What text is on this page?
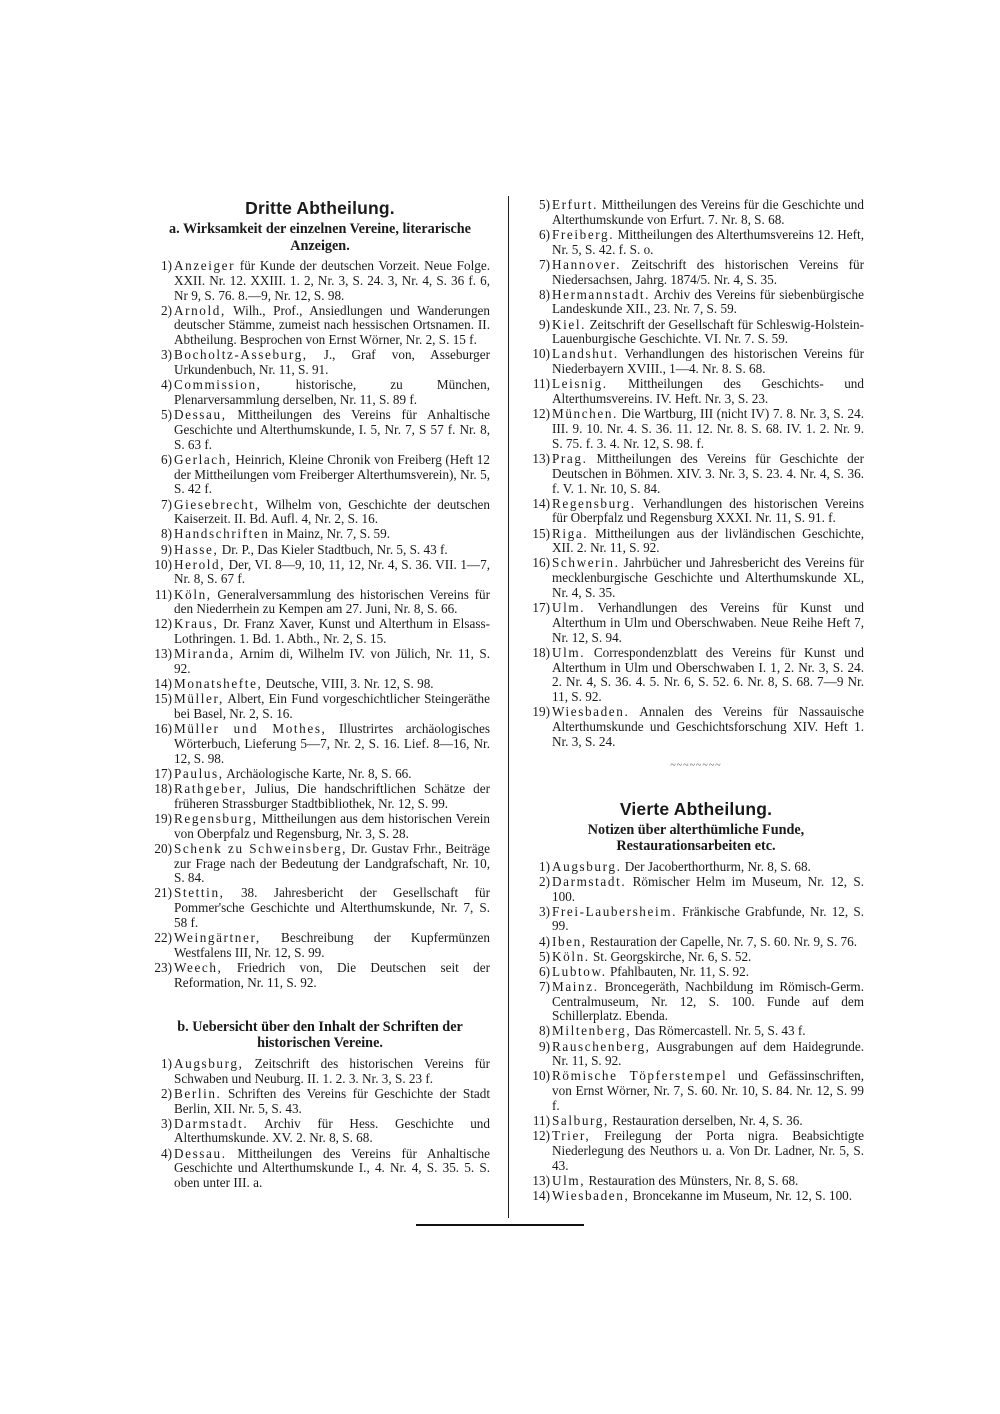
Dritte Abtheilung.
a. Wirksamkeit der einzelnen Vereine, literarische Anzeigen.
1) Anzeiger für Kunde der deutschen Vorzeit. Neue Folge. XXII. Nr. 12. XXIII. 1. 2, Nr. 3, S. 24. 3, Nr. 4, S. 36 f. 6, Nr 9, S. 76. 8.—9, Nr. 12, S. 98.
2) Arnold, Wilh., Prof., Ansiedlungen und Wanderungen deutscher Stämme, zumeist nach hessischen Ortsnamen. II. Abtheilung. Besprochen von Ernst Wörner, Nr. 2, S. 15 f.
3) Bocholtz-Asseburg, J., Graf von, Asseburger Urkundenbuch, Nr. 11, S. 91.
4) Commission, historische, zu München, Plenarversammlung derselben, Nr. 11, S. 89 f.
5) Dessau, Mittheilungen des Vereins für Anhaltische Geschichte und Alterthumskunde, I. 5, Nr. 7, S 57 f. Nr. 8, S. 63 f.
6) Gerlach, Heinrich, Kleine Chronik von Freiberg (Heft 12 der Mittheilungen vom Freiberger Alterthumsverein), Nr. 5, S. 42 f.
7) Giesebrecht, Wilhelm von, Geschichte der deutschen Kaiserzeit. II. Bd. Aufl. 4, Nr. 2, S. 16.
8) Handschriften in Mainz, Nr. 7, S. 59.
9) Hasse, Dr. P., Das Kieler Stadtbuch, Nr. 5, S. 43 f.
10) Herold, Der, VI. 8—9, 10, 11, 12, Nr. 4, S. 36. VII. 1—7, Nr. 8, S. 67 f.
11) Köln, Generalversammlung des historischen Vereins für den Niederrhein zu Kempen am 27. Juni, Nr. 8, S. 66.
12) Kraus, Dr. Franz Xaver, Kunst und Alterthum in Elsass-Lothringen. 1. Bd. 1. Abth., Nr. 2, S. 15.
13) Miranda, Arnim di, Wilhelm IV. von Jülich, Nr. 11, S. 92.
14) Monatshefte, Deutsche, VIII, 3. Nr. 12, S. 98.
15) Müller, Albert, Ein Fund vorgeschichtlicher Steingeräthe bei Basel, Nr. 2, S. 16.
16) Müller und Mothes, Illustrirtes archäologisches Wörterbuch, Lieferung 5—7, Nr. 2, S. 16. Lief. 8—16, Nr. 12, S. 98.
17) Paulus, Archäologische Karte, Nr. 8, S. 66.
18) Rathgeber, Julius, Die handschriftlichen Schätze der früheren Strassburger Stadtbibliothek, Nr. 12, S. 99.
19) Regensburg, Mittheilungen aus dem historischen Verein von Oberpfalz und Regensburg, Nr. 3, S. 28.
20) Schenk zu Schweinsberg, Dr. Gustav Frhr., Beiträge zur Frage nach der Bedeutung der Landgrafschaft, Nr. 10, S. 84.
21) Stettin, 38. Jahresbericht der Gesellschaft für Pommer'sche Geschichte und Alterthumskunde, Nr. 7, S. 58 f.
22) Weingärtner, Beschreibung der Kupfermünzen Westfalens III, Nr. 12, S. 99.
23) Weech, Friedrich von, Die Deutschen seit der Reformation, Nr. 11, S. 92.
b. Uebersicht über den Inhalt der Schriften der historischen Vereine.
1) Augsburg, Zeitschrift des historischen Vereins für Schwaben und Neuburg. II. 1. 2. 3. Nr. 3, S. 23 f.
2) Berlin. Schriften des Vereins für Geschichte der Stadt Berlin, XII. Nr. 5, S. 43.
3) Darmstadt. Archiv für Hess. Geschichte und Alterthumskunde. XV. 2. Nr. 8, S. 68.
4) Dessau. Mittheilungen des Vereins für Anhaltische Geschichte und Alterthumskunde I., 4. Nr. 4, S. 35. 5. S. oben unter III. a.
5) Erfurt. Mittheilungen des Vereins für die Geschichte und Alterthumskunde von Erfurt. 7. Nr. 8, S. 68.
6) Freiberg. Mittheilungen des Alterthumsvereins 12. Heft, Nr. 5, S. 42. f. S. o.
7) Hannover. Zeitschrift des historischen Vereins für Niedersachsen, Jahrg. 1874/5. Nr. 4, S. 35.
8) Hermannstadt. Archiv des Vereins für siebenbürgische Landeskunde XII., 23. Nr. 7, S. 59.
9) Kiel. Zeitschrift der Gesellschaft für Schleswig-Holstein-Lauenburgische Geschichte. VI. Nr. 7. S. 59.
10) Landshut. Verhandlungen des historischen Vereins für Niederbayern XVIII., 1—4. Nr. 8. S. 68.
11) Leisnig. Mittheilungen des Geschichts- und Alterthumsvereins. IV. Heft. Nr. 3, S. 23.
12) München. Die Wartburg, III (nicht IV) 7. 8. Nr. 3, S. 24. III. 9. 10. Nr. 4. S. 36. 11. 12. Nr. 8. S. 68. IV. 1. 2. Nr. 9. S. 75. f. 3. 4. Nr. 12, S. 98. f.
13) Prag. Mittheilungen des Vereins für Geschichte der Deutschen in Böhmen. XIV. 3. Nr. 3, S. 23. 4. Nr. 4, S. 36. f. V. 1. Nr. 10, S. 84.
14) Regensburg. Verhandlungen des historischen Vereins für Oberpfalz und Regensburg XXXI. Nr. 11, S. 91. f.
15) Riga. Mittheilungen aus der livländischen Geschichte, XII. 2. Nr. 11, S. 92.
16) Schwerin. Jahrbücher und Jahresbericht des Vereins für mecklenburgische Geschichte und Alterthumskunde XL, Nr. 4, S. 35.
17) Ulm. Verhandlungen des Vereins für Kunst und Alterthum in Ulm und Oberschwaben. Neue Reihe Heft 7, Nr. 12, S. 94.
18) Ulm. Correspondenzblatt des Vereins für Kunst und Alterthum in Ulm und Oberschwaben I. 1, 2. Nr. 3, S. 24. 2. Nr. 4, S. 36. 4. 5. Nr. 6, S. 52. 6. Nr. 8, S. 68. 7—9 Nr. 11, S. 92.
19) Wiesbaden. Annalen des Vereins für Nassauische Alterthumskunde und Geschichtsforschung XIV. Heft 1. Nr. 3, S. 24.
~~~~~~~~
Vierte Abtheilung.
Notizen über alterthümliche Funde, Restaurationsarbeiten etc.
1) Augsburg. Der Jacoberthorthurm, Nr. 8, S. 68.
2) Darmstadt. Römischer Helm im Museum, Nr. 12, S. 100.
3) Frei-Laubersheim. Fränkische Grabfunde, Nr. 12, S. 99.
4) Iben, Restauration der Capelle, Nr. 7, S. 60. Nr. 9, S. 76.
5) Köln. St. Georgskirche, Nr. 6, S. 52.
6) Lubtow. Pfahlbauten, Nr. 11, S. 92.
7) Mainz. Broncegeräth, Nachbildung im Römisch-Germ. Centralmuseum, Nr. 12, S. 100. Funde auf dem Schillerplatz. Ebenda.
8) Miltenberg, Das Römercastell. Nr. 5, S. 43 f.
9) Rauschenberg, Ausgrabungen auf dem Haidegrunde. Nr. 11, S. 92.
10) Römische Töpferstempel und Gefässinschriften, von Ernst Wörner, Nr. 7, S. 60. Nr. 10, S. 84. Nr. 12, S. 99 f.
11) Salburg, Restauration derselben, Nr. 4, S. 36.
12) Trier, Freilegung der Porta nigra. Beabsichtigte Niederlegung des Neuthors u. a. Von Dr. Ladner, Nr. 5, S. 43.
13) Ulm, Restauration des Münsters, Nr. 8, S. 68.
14) Wiesbaden, Broncekanne im Museum, Nr. 12, S. 100.
